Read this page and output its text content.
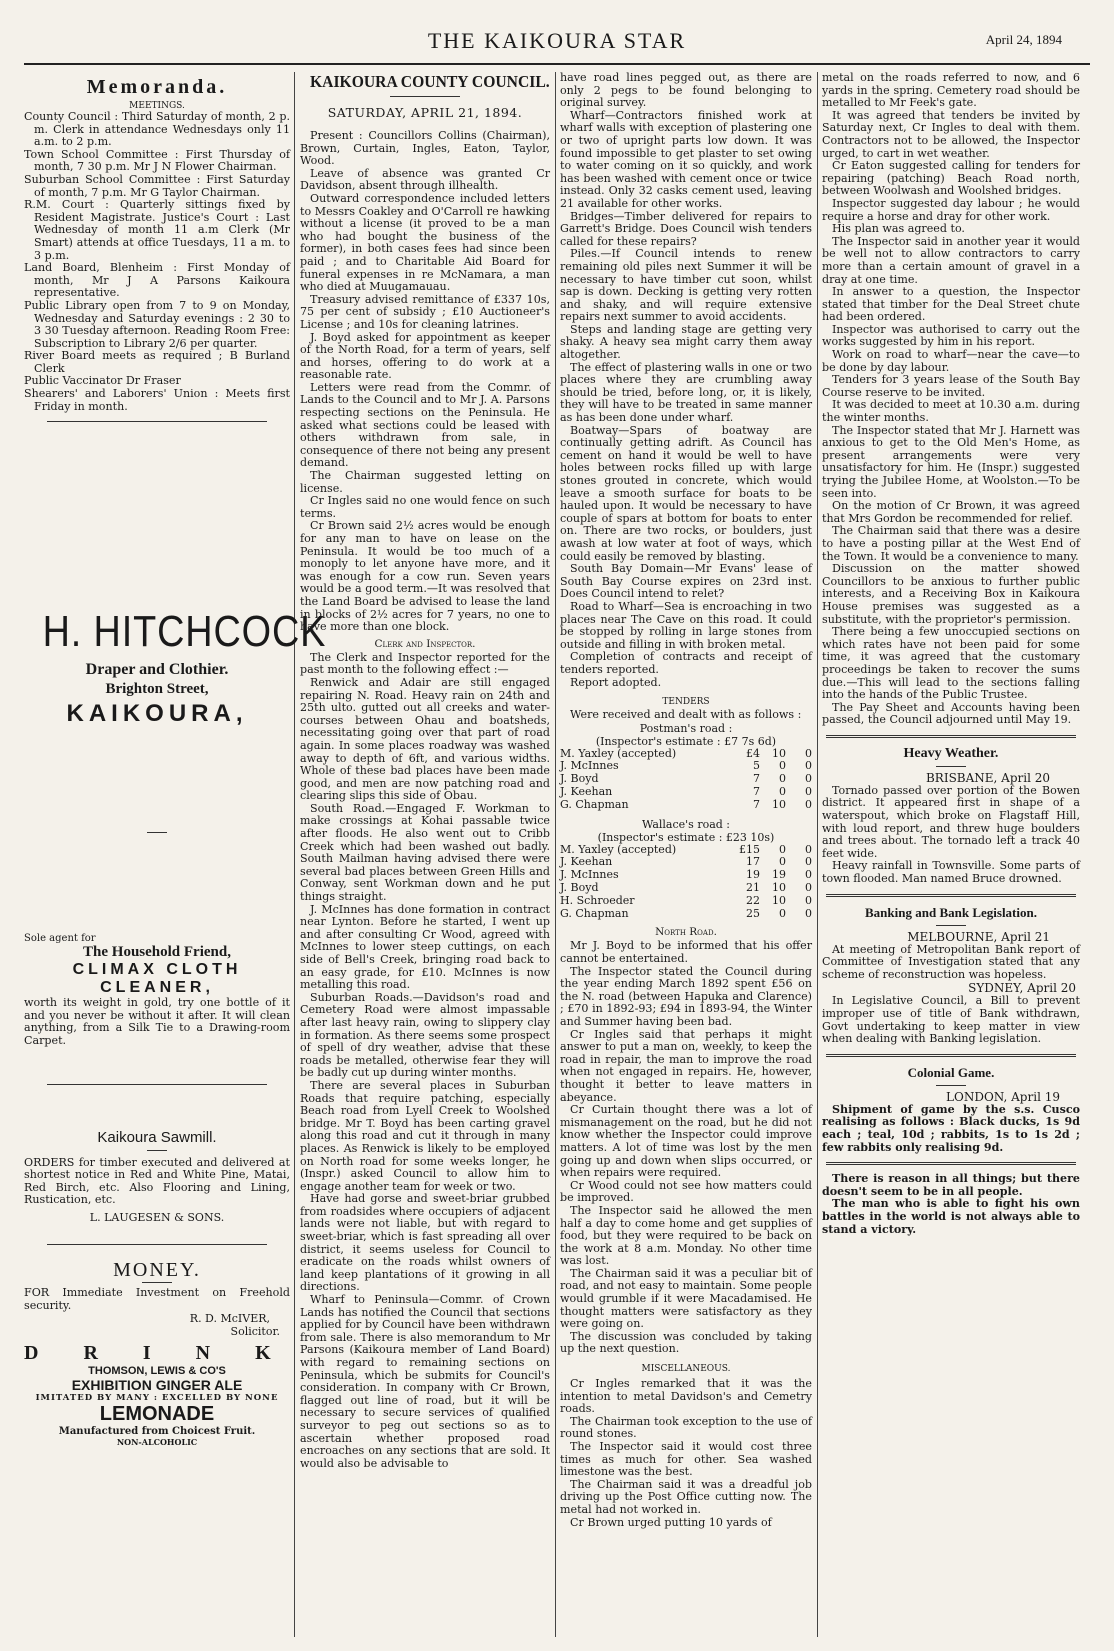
THE KAIKOURA STAR	April 24, 1894
Memoranda.
MEETINGS.

County Council : Third Saturday of month, 2 p. m. Clerk in attendance Wednesdays only 11 a.m. to 2 p.m.

Town School Committee : First Thursday of month, 7 30 p.m. Mr J N Flower Chairman.

Suburban School Committee : First Saturday of month, 7 p.m. Mr G Taylor Chairman.

R.M. Court : Quarterly sittings fixed by Resident Magistrate. Justice's Court : Last Wednesday of month 11 a.m Clerk (Mr Smart) attends at office Tuesdays, 11 a m. to 3 p.m.

Land Board, Blenheim : First Monday of month, Mr J A Parsons Kaikoura representative.

Public Library open from 7 to 9 on Monday, Wednesday and Saturday evenings : 2 30 to 3 30 Tuesday afternoon. Reading Room Free: Subscription to Library 2/6 per quarter.

River Board meets as required ; B Burland Clerk

Public Vaccinator Dr Fraser

Shearers' and Laborers' Union : Meets first Friday in month.

H. HITCHCOCK
Draper and Clothier.
Brighton Street,
KAIKOURA,
Sole agent for
The Household Friend,
CLIMAX CLOTH
CLEANER,

worth its weight in gold, try one bottle of it and you never be without it after. It will clean anything, from a Silk Tie to a Drawing-room Carpet.

Kaikoura Sawmill.

ORDERS for timber executed and delivered at shortest notice in Red and White Pine, Matai, Red Birch, etc. Also Flooring and Lining, Rustication, etc.

L. LAUGESEN & SONS.
MONEY.

FOR Immediate Investment on Freehold security.

R. D. McIVER,
Solicitor.
D R I N K
THOMSON, LEWIS & CO'S
EXHIBITION GINGER ALE
IMITATED BY MANY : EXCELLED BY NONE
LEMONADE
Manufactured from Choicest Fruit.
NON-ALCOHOLIC
KAIKOURA COUNTY COUNCIL.
SATURDAY, APRIL 21, 1894.

Present : Councillors Collins (Chairman), Brown, Curtain, Ingles, Eaton, Taylor, Wood.

Leave of absence was granted Cr Davidson, absent through illhealth.

Outward correspondence included letters to Messrs Coakley and O'Carroll re hawking without a license (it proved to be a man who had bought the business of the former), in both cases fees had since been paid ; and to Charitable Aid Board for funeral expenses in re McNamara, a man who died at Muugamauau.

Treasury advised remittance of £337 10s, 75 per cent of subsidy ; £10 Auctioneer's License ; and 10s for cleaning latrines.

J. Boyd asked for appointment as keeper of the North Road, for a term of years, self and horses, offering to do work at a reasonable rate.

Letters were read from the Commr. of Lands to the Council and to Mr J. A. Parsons respecting sections on the Peninsula. He asked what sections could be leased with others withdrawn from sale, in consequence of there not being any present demand.

The Chairman suggested letting on license.

Cr Ingles said no one would fence on such terms.

Cr Brown said 2½ acres would be enough for any man to have on lease on the Peninsula. It would be too much of a monoply to let anyone have more, and it was enough for a cow run. Seven years would be a good term.—It was resolved that the Land Board be advised to lease the land in blocks of 2½ acres for 7 years, no one to have more than one block.

Clerk and Inspector.

The Clerk and Inspector reported for the past month to the following effect :—

Renwick and Adair are still engaged repairing N. Road. Heavy rain on 24th and 25th ulto. gutted out all creeks and water-courses between Ohau and boatsheds, necessitating going over that part of road again. In some places roadway was washed away to depth of 6ft, and various widths. Whole of these bad places have been made good, and men are now patching road and clearing slips this side of Obau.

South Road.—Engaged F. Workman to make crossings at Kohai passable twice after floods. He also went out to Cribb Creek which had been washed out badly. South Mailman having advised there were several bad places between Green Hills and Conway, sent Workman down and he put things straight.

J. McInnes has done formation in contract near Lynton. Before he started, I went up and after consulting Cr Wood, agreed with McInnes to lower steep cuttings, on each side of Bell's Creek, bringing road back to an easy grade, for £10. McInnes is now metalling this road.

Suburban Roads.—Davidson's road and Cemetery Road were almost impassable after last heavy rain, owing to slippery clay in formation. As there seems some prospect of spell of dry weather, advise that these roads be metalled, otherwise fear they will be badly cut up during winter months.

There are several places in Suburban Roads that require patching, especially Beach road from Lyell Creek to Woolshed bridge. Mr T. Boyd has been carting gravel along this road and cut it through in many places. As Renwick is likely to be employed on North road for some weeks longer, he (Inspr.) asked Council to allow him to engage another team for week or two.

Have had gorse and sweet-briar grubbed from roadsides where occupiers of adjacent lands were not liable, but with regard to sweet-briar, which is fast spreading all over district, it seems useless for Council to eradicate on the roads whilst owners of land keep plantations of it growing in all directions.

Wharf to Peninsula—Commr. of Crown Lands has notified the Council that sections applied for by Council have been withdrawn from sale. There is also memorandum to Mr Parsons (Kaikoura member of Land Board) with regard to remaining sections on Peninsula, which be submits for Council's consideration. In company with Cr Brown, flagged out line of road, but it will be necessary to secure services of qualified surveyor to peg out sections so as to ascertain whether proposed road encroaches on any sections that are sold. It would also be advisable to

have road lines pegged out, as there are only 2 pegs to be found belonging to original survey.

Wharf—Contractors finished work at wharf walls with exception of plastering one or two of upright parts low down. It was found impossible to get plaster to set owing to water coming on it so quickly, and work has been washed with cement once or twice instead. Only 32 casks cement used, leaving 21 available for other works.

Bridges—Timber delivered for repairs to Garrett's Bridge. Does Council wish tenders called for these repairs?

Piles.—If Council intends to renew remaining old piles next Summer it will be necessary to have timber cut soon, whilst sap is down. Decking is getting very rotten and shaky, and will require extensive repairs next summer to avoid accidents.

Steps and landing stage are getting very shaky. A heavy sea might carry them away altogether.

The effect of plastering walls in one or two places where they are crumbling away should be tried, before long, or, it is likely, they will have to be treated in same manner as has been done under wharf.

Boatway—Spars of boatway are continually getting adrift. As Council has cement on hand it would be well to have holes between rocks filled up with large stones grouted in concrete, which would leave a smooth surface for boats to be hauled upon. It would be necessary to have couple of spars at bottom for boats to enter on. There are two rocks, or boulders, just awash at low water at foot of ways, which could easily be removed by blasting.

South Bay Domain—Mr Evans' lease of South Bay Course expires on 23rd inst. Does Council intend to relet?

Road to Wharf—Sea is encroaching in two places near The Cave on this road. It could be stopped by rolling in large stones from outside and filling in with broken metal.

Completion of contracts and receipt of tenders reported.

Report adopted.

TENDERS

Were received and dealt with as follows :

Postman's road :
(Inspector's estimate : £7 7s 6d)
M. Yaxley (accepted)	£4	10	0
J. McInnes	5	0	0
J. Boyd	7	0	0
J. Keehan	7	0	0
G. Chapman	7	10	0
Wallace's road :
(Inspector's estimate : £23 10s)
M. Yaxley (accepted)	£15	0	0
J. Keehan	17	0	0
J. McInnes	19	19	0
J. Boyd	21	10	0
H. Schroeder	22	10	0
G. Chapman	25	0	0
North Road.

Mr J. Boyd to be informed that his offer cannot be entertained.

The Inspector stated the Council during the year ending March 1892 spent £56 on the N. road (between Hapuka and Clarence) ; £70 in 1892-93; £94 in 1893-94, the Winter and Summer having been bad.

Cr Ingles said that perhaps it might answer to put a man on, weekly, to keep the road in repair, the man to improve the road when not engaged in repairs. He, however, thought it better to leave matters in abeyance.

Cr Curtain thought there was a lot of mismanagement on the road, but he did not know whether the Inspector could improve matters. A lot of time was lost by the men going up and down when slips occurred, or when repairs were required.

Cr Wood could not see how matters could be improved.

The Inspector said he allowed the men half a day to come home and get supplies of food, but they were required to be back on the work at 8 a.m. Monday. No other time was lost.

The Chairman said it was a peculiar bit of road, and not easy to maintain. Some people would grumble if it were Macadamised. He thought matters were satisfactory as they were going on.

The discussion was concluded by taking up the next question.

MISCELLANEOUS.

Cr Ingles remarked that it was the intention to metal Davidson's and Cemetry roads.

The Chairman took exception to the use of round stones.

The Inspector said it would cost three times as much for other. Sea washed limestone was the best.

The Chairman said it was a dreadful job driving up the Post Office cutting now. The metal had not worked in.

Cr Brown urged putting 10 yards of

metal on the roads referred to now, and 6 yards in the spring. Cemetery road should be metalled to Mr Feek's gate.

It was agreed that tenders be invited by Saturday next, Cr Ingles to deal with them. Contractors not to be allowed, the Inspector urged, to cart in wet weather.

Cr Eaton suggested calling for tenders for repairing (patching) Beach Road north, between Woolwash and Woolshed bridges.

Inspector suggested day labour ; he would require a horse and dray for other work.

His plan was agreed to.

The Inspector said in another year it would be well not to allow contractors to carry more than a certain amount of gravel in a dray at one time.

In answer to a question, the Inspector stated that timber for the Deal Street chute had been ordered.

Inspector was authorised to carry out the works suggested by him in his report.

Work on road to wharf—near the cave—to be done by day labour.

Tenders for 3 years lease of the South Bay Course reserve to be invited.

It was decided to meet at 10.30 a.m. during the winter months.

The Inspector stated that Mr J. Harnett was anxious to get to the Old Men's Home, as present arrangements were very unsatisfactory for him. He (Inspr.) suggested trying the Jubilee Home, at Woolston.—To be seen into.

On the motion of Cr Brown, it was agreed that Mrs Gordon be recommended for relief.

The Chairman said that there was a desire to have a posting pillar at the West End of the Town. It would be a convenience to many.

Discussion on the matter showed Councillors to be anxious to further public interests, and a Receiving Box in Kaikoura House premises was suggested as a substitute, with the proprietor's permission.

There being a few unoccupied sections on which rates have not been paid for some time, it was agreed that the customary proceedings be taken to recover the sums due.—This will lead to the sections falling into the hands of the Public Trustee.

The Pay Sheet and Accounts having been passed, the Council adjourned until May 19.

Heavy Weather.
BRISBANE, April 20

Tornado passed over portion of the Bowen district. It appeared first in shape of a waterspout, which broke on Flagstaff Hill, with loud report, and threw huge boulders and trees about. The tornado left a track 40 feet wide.

Heavy rainfall in Townsville. Some parts of town flooded. Man named Bruce drowned.

Banking and Bank Legislation.
MELBOURNE, April 21

At meeting of Metropolitan Bank report of Committee of Investigation stated that any scheme of reconstruction was hopeless.

SYDNEY, April 20

In Legislative Council, a Bill to prevent improper use of title of Bank withdrawn, Govt undertaking to keep matter in view when dealing with Banking legislation.

Colonial Game.
LONDON, April 19

Shipment of game by the s.s. Cusco realising as follows : Black ducks, 1s 9d each ; teal, 10d ; rabbits, 1s to 1s 2d ; few rabbits only realising 9d.

There is reason in all things; but there doesn't seem to be in all people.

The man who is able to fight his own battles in the world is not always able to stand a victory.
